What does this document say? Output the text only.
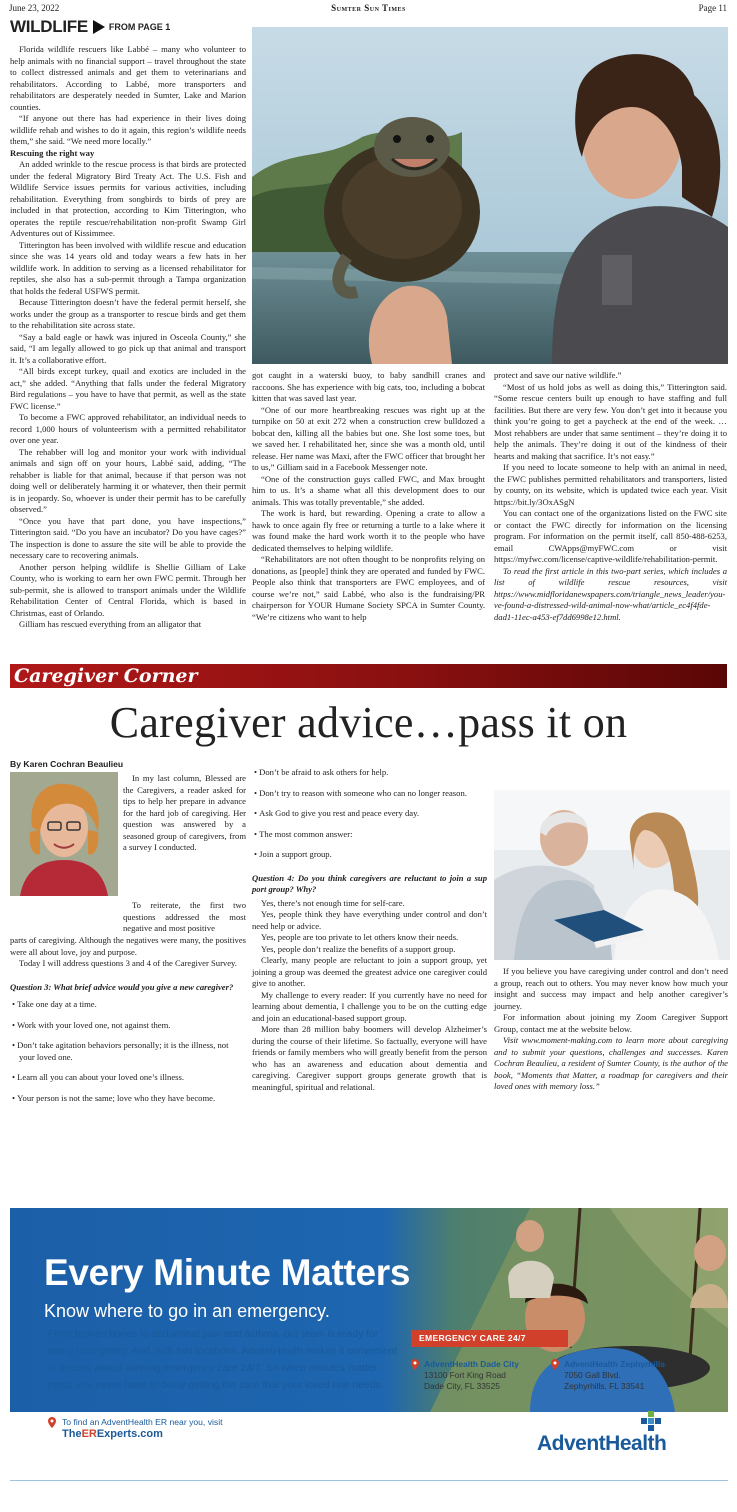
June 23, 2022	Sumter Sun Times	Page 11
WILDLIFE FROM PAGE 1

Florida wildlife rescuers like Labbé – many who volunteer to help animals with no financial support – travel throughout the state to collect distressed animals and get them to veterinarians and rehabilitators. According to Labbé, more transporters and rehabilitators are desperately needed in Sumter, Lake and Marion counties.

“If anyone out there has had experience in their lives doing wildlife rehab and wishes to do it again, this region’s wildlife needs them,” she said. “We need more locally.”

Rescuing the right way

An added wrinkle to the rescue process is that birds are protected under the federal Migratory Bird Treaty Act. The U.S. Fish and Wildlife Service issues permits for various activities, including rehabilitation. Everything from songbirds to birds of prey are included in that protection, according to Kim Titterington, who operates the reptile rescue/rehabilitation non-profit Swamp Girl Adventures out of Kissimmee.

Titterington has been involved with wildlife rescue and education since she was 14 years old and today wears a few hats in her wildlife work. In addition to serving as a licensed rehabilitator for reptiles, she also has a sub-permit through a Tampa organization that holds the federal USFWS permit.

Because Titterington doesn’t have the federal permit herself, she works under the group as a transporter to rescue birds and get them to the rehabilitation site across state.

“Say a bald eagle or hawk was injured in Osceola County,” she said, “I am legally allowed to go pick up that animal and transport it. It’s a collaborative effort.

“All birds except turkey, quail and exotics are included in the act,” she added. “Anything that falls under the federal Migratory Bird regulations – you have to have that permit, as well as the state FWC license.”

To become a FWC approved rehabilitator, an individual needs to record 1,000 hours of volunteerism with a permitted rehabilitator over one year.

The rehabber will log and monitor your work with individual animals and sign off on your hours, Labbé said, adding, “The rehabber is liable for that animal, because if that person was not doing well or deliberately harming it or whatever, then their permit is in jeopardy. So, whoever is under their permit has to be carefully observed.”

“Once you have that part done, you have inspections,” Titterington said. “Do you have an incubator? Do you have cages?” The inspection is done to assure the site will be able to provide the necessary care to recovering animals.

Another person helping wildlife is Shellie Gilliam of Lake County, who is working to earn her own FWC permit. Through her sub-permit, she is allowed to transport animals under the Wildlife Rehabilitation Center of Central Florida, which is based in Christmas, east of Orlando.

Gilliam has rescued everything from an alligator that

got caught in a waterski buoy, to baby sandhill cranes and raccoons. She has experience with big cats, too, including a bobcat kitten that was saved last year.

“One of our more heartbreaking rescues was right up at the turnpike on 50 at exit 272 when a construction crew bulldozed a bobcat den, killing all the babies but one. She lost some toes, but we saved her. I rehabilitated her, since she was a month old, until release. Her name was Maxi, after the FWC officer that brought her to us,” Gilliam said in a Facebook Messenger note.

“One of the construction guys called FWC, and Max brought him to us. It’s a shame what all this development does to our animals. This was totally preventable,” she added.

The work is hard, but rewarding. Opening a crate to allow a hawk to once again fly free or returning a turtle to a lake where it was found make the hard work worth it to the people who have dedicated themselves to helping wildlife.

“Rehabilitators are not often thought to be nonprofits relying on donations, as [people] think they are operated and funded by FWC. People also think that transporters are FWC employees, and of course we’re not,” said Labbé, who also is the fundraising/PR chairperson for YOUR Humane Society SPCA in Sumter County. “We’re citizens who want to help

protect and save our native wildlife.”

“Most of us hold jobs as well as doing this,” Titterington said. “Some rescue centers built up enough to have staffing and full facilities. But there are very few. You don’t get into it because you think you’re going to get a paycheck at the end of the week. … Most rehabbers are under that same sentiment – they’re doing it to help the animals. They’re doing it out of the kindness of their hearts and making that sacrifice. It’s not easy.”

If you need to locate someone to help with an animal in need, the FWC publishes permitted rehabilitators and transporters, listed by county, on its website, which is updated twice each year. Visit https://bit.ly/3OxASgN

You can contact one of the organizations listed on the FWC site or contact the FWC directly for information on the licensing program. For information on the permit itself, call 850-488-6253, email CWApps@myFWC.com or visit https://myfwc.com/license/captive-wildlife/rehabilitation-permit.

To read the first article in this two-part series, which includes a list of wildlife rescue resources, visit https://www.midfloridanewspapers.com/triangle_news_leader/you-ve-found-a-distressed-wild-animal-now-what/article_ec4f4fde-dad1-11ec-a453-ef7dd6998e12.html.

Caregiver Corner
Caregiver advice…pass it on
By Karen Cochran Beaulieu

In my last column, Blessed are the Caregivers, a reader asked for tips to help her prepare in advance for the hard job of caregiving. Her question was answered by a seasoned group of caregivers, from a survey I conducted.

To reiterate, the first two questions addressed the most negative and most positive

parts of caregiving. Although the negatives were many, the positives were all about love, joy and purpose.

Today I will address questions 3 and 4 of the Caregiver Survey.

Question 3: What brief advice would you give a new caregiver?

• Take one day at a time.
• Work with your loved one, not against them.
• Don’t take agitation behaviors personally; it is the illness, not your loved one.
• Learn all you can about your loved one’s illness.
• Your person is not the same; love who they have become.
• Don’t be afraid to ask others for help.
• Don’t try to reason with someone who can no longer reason.
• Ask God to give you rest and peace every day.
• The most common answer:
• Join a support group.

Question 4: Do you think caregivers are reluctant to join a sup port group? Why?

Yes, there’s not enough time for self-care.

Yes, people think they have everything under control and don’t need help or advice.

Yes, people are too private to let others know their needs.

Yes, people don’t realize the benefits of a support group.

Clearly, many people are reluctant to join a support group, yet joining a group was deemed the greatest advice one caregiver could give to another.

My challenge to every reader: If you currently have no need for learning about dementia, I challenge you to be on the cutting edge and join an educational-based support group.

More than 28 million baby boomers will develop Alzheimer’s during the course of their lifetime. So factually, everyone will have friends or family members who will greatly benefit from the person who has an awareness and education about dementia and caregiving. Caregiver support groups generate growth that is meaningful, spiritual and relational.

If you believe you have caregiving under control and don’t need a group, reach out to others. You may never know how much your insight and success may impact and help another caregiver’s journey.

For information about joining my Zoom Caregiver Support Group, contact me at the website below.

Visit www.moment-making.com to learn more about caregiving and to submit your questions, challenges and successes. Karen Cochran Beaulieu, a resident of Sumter County, is the author of the book, “Moments that Matter, a roadmap for caregivers and their loved ones with memory loss.”

Every Minute Matters
Know where to go in an emergency.
From broken bones to abdominal pain and asthma, our team is ready for every emergency. And, with two locations, AdventHealth makes it convenient to access award-winning emergency care 24/7. So when minutes matter most, you never have to delay getting the care that your loved one needs.
EMERGENCY CARE 24/7
AdventHealth Dade City
13100 Fort King Road
Dade City, FL 33525
AdventHealth Zephyrhills
7050 Gall Blvd.
Zephyrhills, FL 33541
To find an AdventHealth ER near you, visit
TheERExperts.com	AdventHealth
